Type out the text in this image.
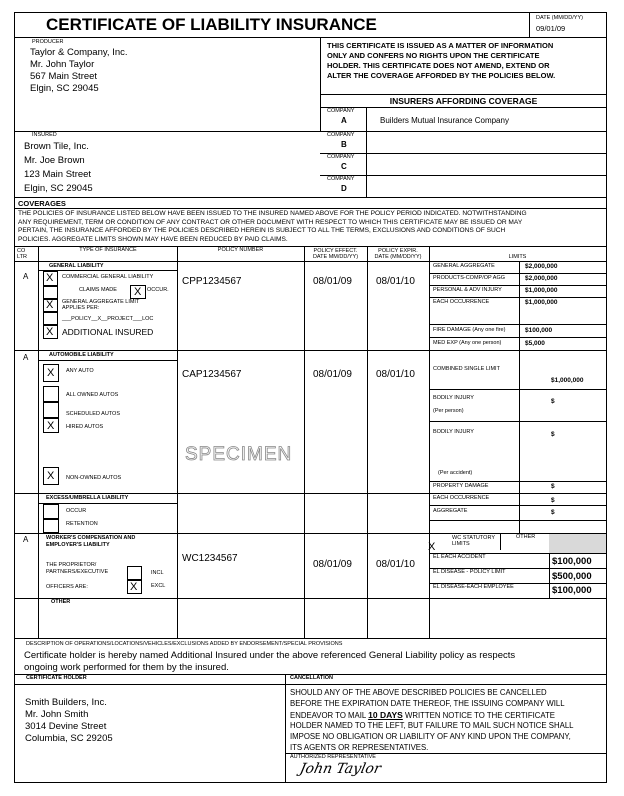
CERTIFICATE OF LIABILITY INSURANCE	DATE (MM/DD/YY)
09/01/09
PRODUCER
Taylor & Company, Inc.
Mr. John Taylor
567 Main Street
Elgin, SC 29045
THIS CERTIFICATE IS ISSUED AS A MATTER OF INFORMATION
ONLY AND CONFERS NO RIGHTS UPON THE CERTIFICATE
HOLDER. THIS CERTIFICATE DOES NOT AMEND, EXTEND OR
ALTER THE COVERAGE AFFORDED BY THE POLICIES BELOW.
INSURERS AFFORDING COVERAGE
COMPANY
A	Builders Mutual Insurance Company
INSURED
Brown Tile, Inc.
Mr. Joe Brown
123 Main Street
Elgin, SC 29045
COMPANY
B
COMPANY
C
COMPANY
D
COVERAGES
THE POLICIES OF INSURANCE LISTED BELOW HAVE BEEN ISSUED TO THE INSURED NAMED ABOVE FOR THE POLICY PERIOD INDICATED. NOTWITHSTANDING
ANY REQUIREMENT, TERM OR CONDITION OF ANY CONTRACT OR OTHER DOCUMENT WITH RESPECT TO WHICH THIS CERTIFICATE MAY BE ISSUED OR MAY
PERTAIN, THE INSURANCE AFFORDED BY THE POLICIES DESCRIBED HEREIN IS SUBJECT TO ALL THE TERMS, EXCLUSIONS AND CONDITIONS OF SUCH
POLICIES. AGGREGATE LIMITS SHOWN MAY HAVE BEEN REDUCED BY PAID CLAIMS.
CO
LTR
TYPE OF INSURANCE	POLICY NUMBER	POLICY EFFECT.
DATE MM/DD/YY)
POLICY EXPIR.
DATE (MM/DD/YY)	LIMITS
A
GENERAL LIABILITY
X COMMERCIAL GENERAL LIABILITY
CLAIMS MADE X OCCUR.
X GENERAL AGGREGATE LIMIT
APPLIES PER:
___POLICY__X__PROJECT___LOC
X ADDITIONAL INSURED
CPP1234567	08/01/09 08/01/10
GENERAL AGGREGATE	$2,000,000
PRODUCTS-COMP/OP AGG	$2,000,000
PERSONAL & ADV INJURY	$1,000,000
EACH OCCURRENCE	$1,000,000
FIRE DAMAGE (Any one fire)	$100,000
MED EXP (Any one person)	$5,000
A	AUTOMOBILE LIABILITY
X ANY AUTO
ALL OWNED AUTOS
SCHEDULED AUTOS
X HIRED AUTOS
X NON-OWNED AUTOS
CAP1234567	08/01/09 08/01/10
SPECIMEN
COMBINED SINGLE LIMIT
$1,000,000
BODILY INJURY
(Per person)
$
BODILY INJURY	$
(Per accident)
PROPERTY DAMAGE	$
EXCESS/UMBRELLA LIABILITY
OCCUR
RETENTION
EACH OCCURRENCE	$
AGGREGATE	$
A	WORKER'S COMPENSATION AND
EMPLOYER'S LIABILITY
THE PROPRIETOR/
PARTNERS/EXECUTIVE	INCL
OFFICERS ARE:	X EXCL
WC1234567
08/01/09 08/01/10
X
WC STATUTORY
LIMITS
OTHER
EL EACH ACCIDENT	$100,000
EL DISEASE - POLICY LIMIT	$500,000
EL DISEASE-EACH EMPLOYEE	$100,000
OTHER
DESCRIPTION OF OPERATIONS/LOCATIONS/VEHICLES/EXCLUSIONS ADDED BY ENDORSEMENT/SPECIAL PROVISIONS
Certificate holder is hereby named Additional Insured under the above referenced General Liability policy as respects
ongoing work performed for them by the insured.
CERTIFICATE HOLDER
Smith Builders, Inc.
Mr. John Smith
3014 Devine Street
Columbia, SC 29205
CANCELLATION
SHOULD ANY OF THE ABOVE DESCRIBED POLICIES BE CANCELLED
BEFORE THE EXPIRATION DATE THEREOF, THE ISSUING COMPANY WILL
ENDEAVOR TO MAIL 10 DAYS WRITTEN NOTICE TO THE CERTIFICATE
HOLDER NAMED TO THE LEFT, BUT FAILURE TO MAIL SUCH NOTICE SHALL
IMPOSE NO OBLIGATION OR LIABILITY OF ANY KIND UPON THE COMPANY,
ITS AGENTS OR REPRESENTATIVES.
AUTHORIZED REPRESENTATIVE
John Taylor
